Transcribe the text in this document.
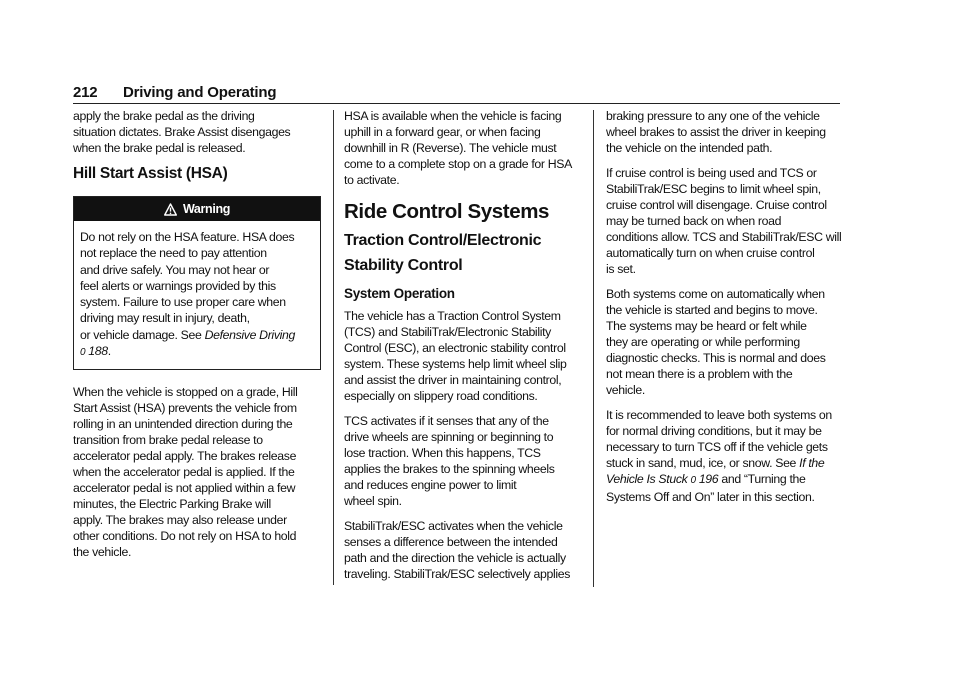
212 Driving and Operating

apply the brake pedal as the driving
situation dictates. Brake Assist disengages
when the brake pedal is released.

Hill Start Assist (HSA)
Warning
Do not rely on the HSA feature. HSA does
not replace the need to pay attention
and drive safely. You may not hear or
feel alerts or warnings provided by this
system. Failure to use proper care when
driving may result in injury, death,
or vehicle damage. See Defensive Driving
0 188.

When the vehicle is stopped on a grade, Hill
Start Assist (HSA) prevents the vehicle from
rolling in an unintended direction during the
transition from brake pedal release to
accelerator pedal apply. The brakes release
when the accelerator pedal is applied. If the
accelerator pedal is not applied within a few
minutes, the Electric Parking Brake will
apply. The brakes may also release under
other conditions. Do not rely on HSA to hold
the vehicle.

HSA is available when the vehicle is facing
uphill in a forward gear, or when facing
downhill in R (Reverse). The vehicle must
come to a complete stop on a grade for HSA
to activate.

Ride Control Systems
Traction Control/Electronic
Stability Control
System Operation

The vehicle has a Traction Control System
(TCS) and StabiliTrak/Electronic Stability
Control (ESC), an electronic stability control
system. These systems help limit wheel slip
and assist the driver in maintaining control,
especially on slippery road conditions.

TCS activates if it senses that any of the
drive wheels are spinning or beginning to
lose traction. When this happens, TCS
applies the brakes to the spinning wheels
and reduces engine power to limit
wheel spin.

StabiliTrak/ESC activates when the vehicle
senses a difference between the intended
path and the direction the vehicle is actually
traveling. StabiliTrak/ESC selectively applies

braking pressure to any one of the vehicle
wheel brakes to assist the driver in keeping
the vehicle on the intended path.

If cruise control is being used and TCS or
StabiliTrak/ESC begins to limit wheel spin,
cruise control will disengage. Cruise control
may be turned back on when road
conditions allow. TCS and StabiliTrak/ESC will
automatically turn on when cruise control
is set.

Both systems come on automatically when
the vehicle is started and begins to move.
The systems may be heard or felt while
they are operating or while performing
diagnostic checks. This is normal and does
not mean there is a problem with the
vehicle.

It is recommended to leave both systems on
for normal driving conditions, but it may be
necessary to turn TCS off if the vehicle gets
stuck in sand, mud, ice, or snow. See If the
Vehicle Is Stuck 0 196 and “Turning the
Systems Off and On” later in this section.
